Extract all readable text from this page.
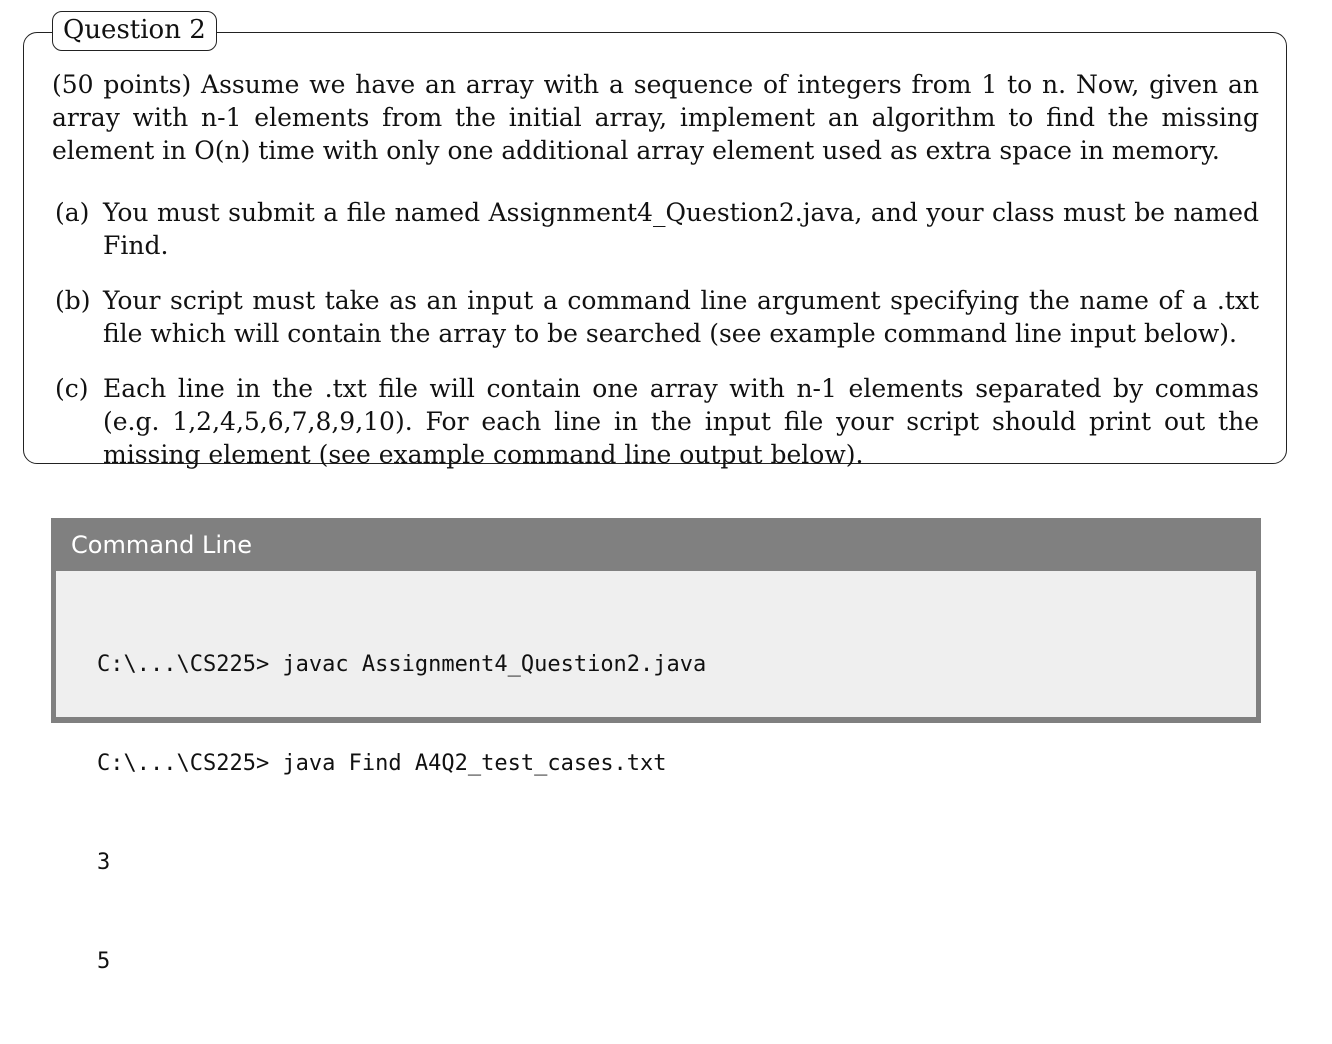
Question 2

(50 points) Assume we have an array with a sequence of integers from 1 to n. Now, given an array with n-1 elements from the initial array, implement an algorithm to find the missing element in O(n) time with only one additional array element used as extra space in memory.

(a) You must submit a file named Assignment4_Question2.java, and your class must be named Find.
(b) Your script must take as an input a command line argument specifying the name of a .txt file which will contain the array to be searched (see example command line input below).
(c) Each line in the .txt file will contain one array with n-1 elements separated by commas (e.g. 1,2,4,5,6,7,8,9,10). For each line in the input file your script should print out the missing element (see example command line output below).
Command Line

C:\...\CS225> javac Assignment4_Question2.java

C:\...\CS225> java Find A4Q2_test_cases.txt

3

5
